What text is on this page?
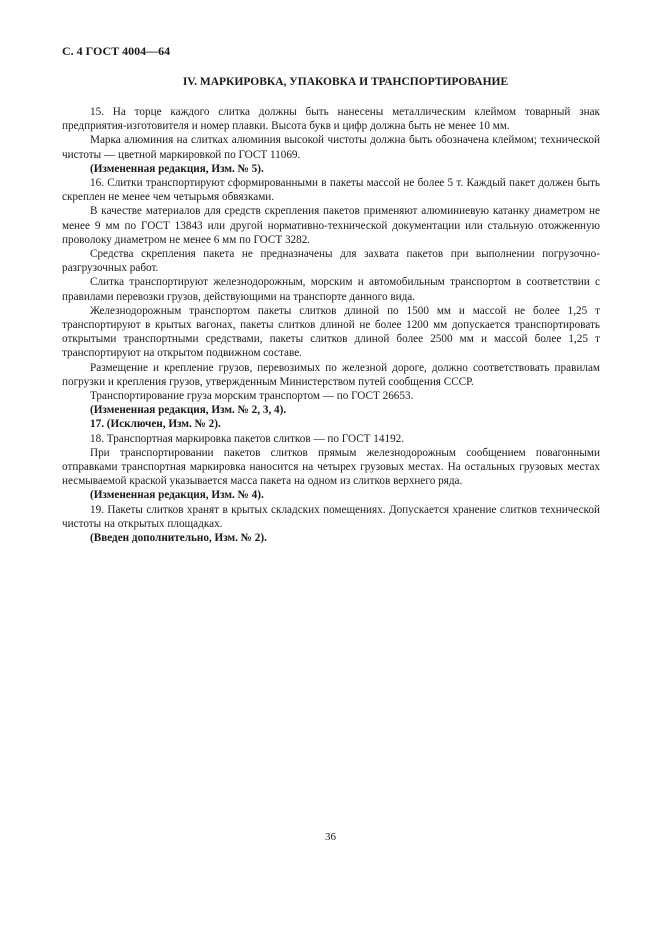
С. 4 ГОСТ 4004—64
IV. МАРКИРОВКА, УПАКОВКА И ТРАНСПОРТИРОВАНИЕ

15. На торце каждого слитка должны быть нанесены металлическим клеймом товарный знак предприятия-изготовителя и номер плавки. Высота букв и цифр должна быть не менее 10 мм.

Марка алюминия на слитках алюминия высокой чистоты должна быть обозначена клеймом; технической чистоты — цветной маркировкой по ГОСТ 11069.

(Измененная редакция, Изм. № 5).

16. Слитки транспортируют сформированными в пакеты массой не более 5 т. Каждый пакет должен быть скреплен не менее чем четырьмя обвязками.

В качестве материалов для средств скрепления пакетов применяют алюминиевую катанку диаметром не менее 9 мм по ГОСТ 13843 или другой нормативно-технической документации или стальную отожженную проволоку диаметром не менее 6 мм по ГОСТ 3282.

Средства скрепления пакета не предназначены для захвата пакетов при выполнении погрузочно-разгрузочных работ.

Слитка транспортируют железнодорожным, морским и автомобильным транспортом в соответствии с правилами перевозки грузов, действующими на транспорте данного вида.

Железнодорожным транспортом пакеты слитков длиной по 1500 мм и массой не более 1,25 т транспортируют в крытых вагонах, пакеты слитков длиной не более 1200 мм допускается транспортировать открытыми транспортными средствами, пакеты слитков длиной более 2500 мм и массой более 1,25 т транспортируют на открытом подвижном составе.

Размещение и крепление грузов, перевозимых по железной дороге, должно соответствовать правилам погрузки и крепления грузов, утвержденным Министерством путей сообщения СССР.

Транспортирование груза морским транспортом — по ГОСТ 26653.

(Измененная редакция, Изм. № 2, 3, 4).

17. (Исключен, Изм. № 2).

18. Транспортная маркировка пакетов слитков — по ГОСТ 14192.

При транспортировании пакетов слитков прямым железнодорожным сообщением повагонными отправками транспортная маркировка наносится на четырех грузовых местах. На остальных грузовых местах несмываемой краской указывается масса пакета на одном из слитков верхнего ряда.

(Измененная редакция, Изм. № 4).

19. Пакеты слитков хранят в крытых складских помещениях. Допускается хранение слитков технической чистоты на открытых площадках.

(Введен дополнительно, Изм. № 2).

36
